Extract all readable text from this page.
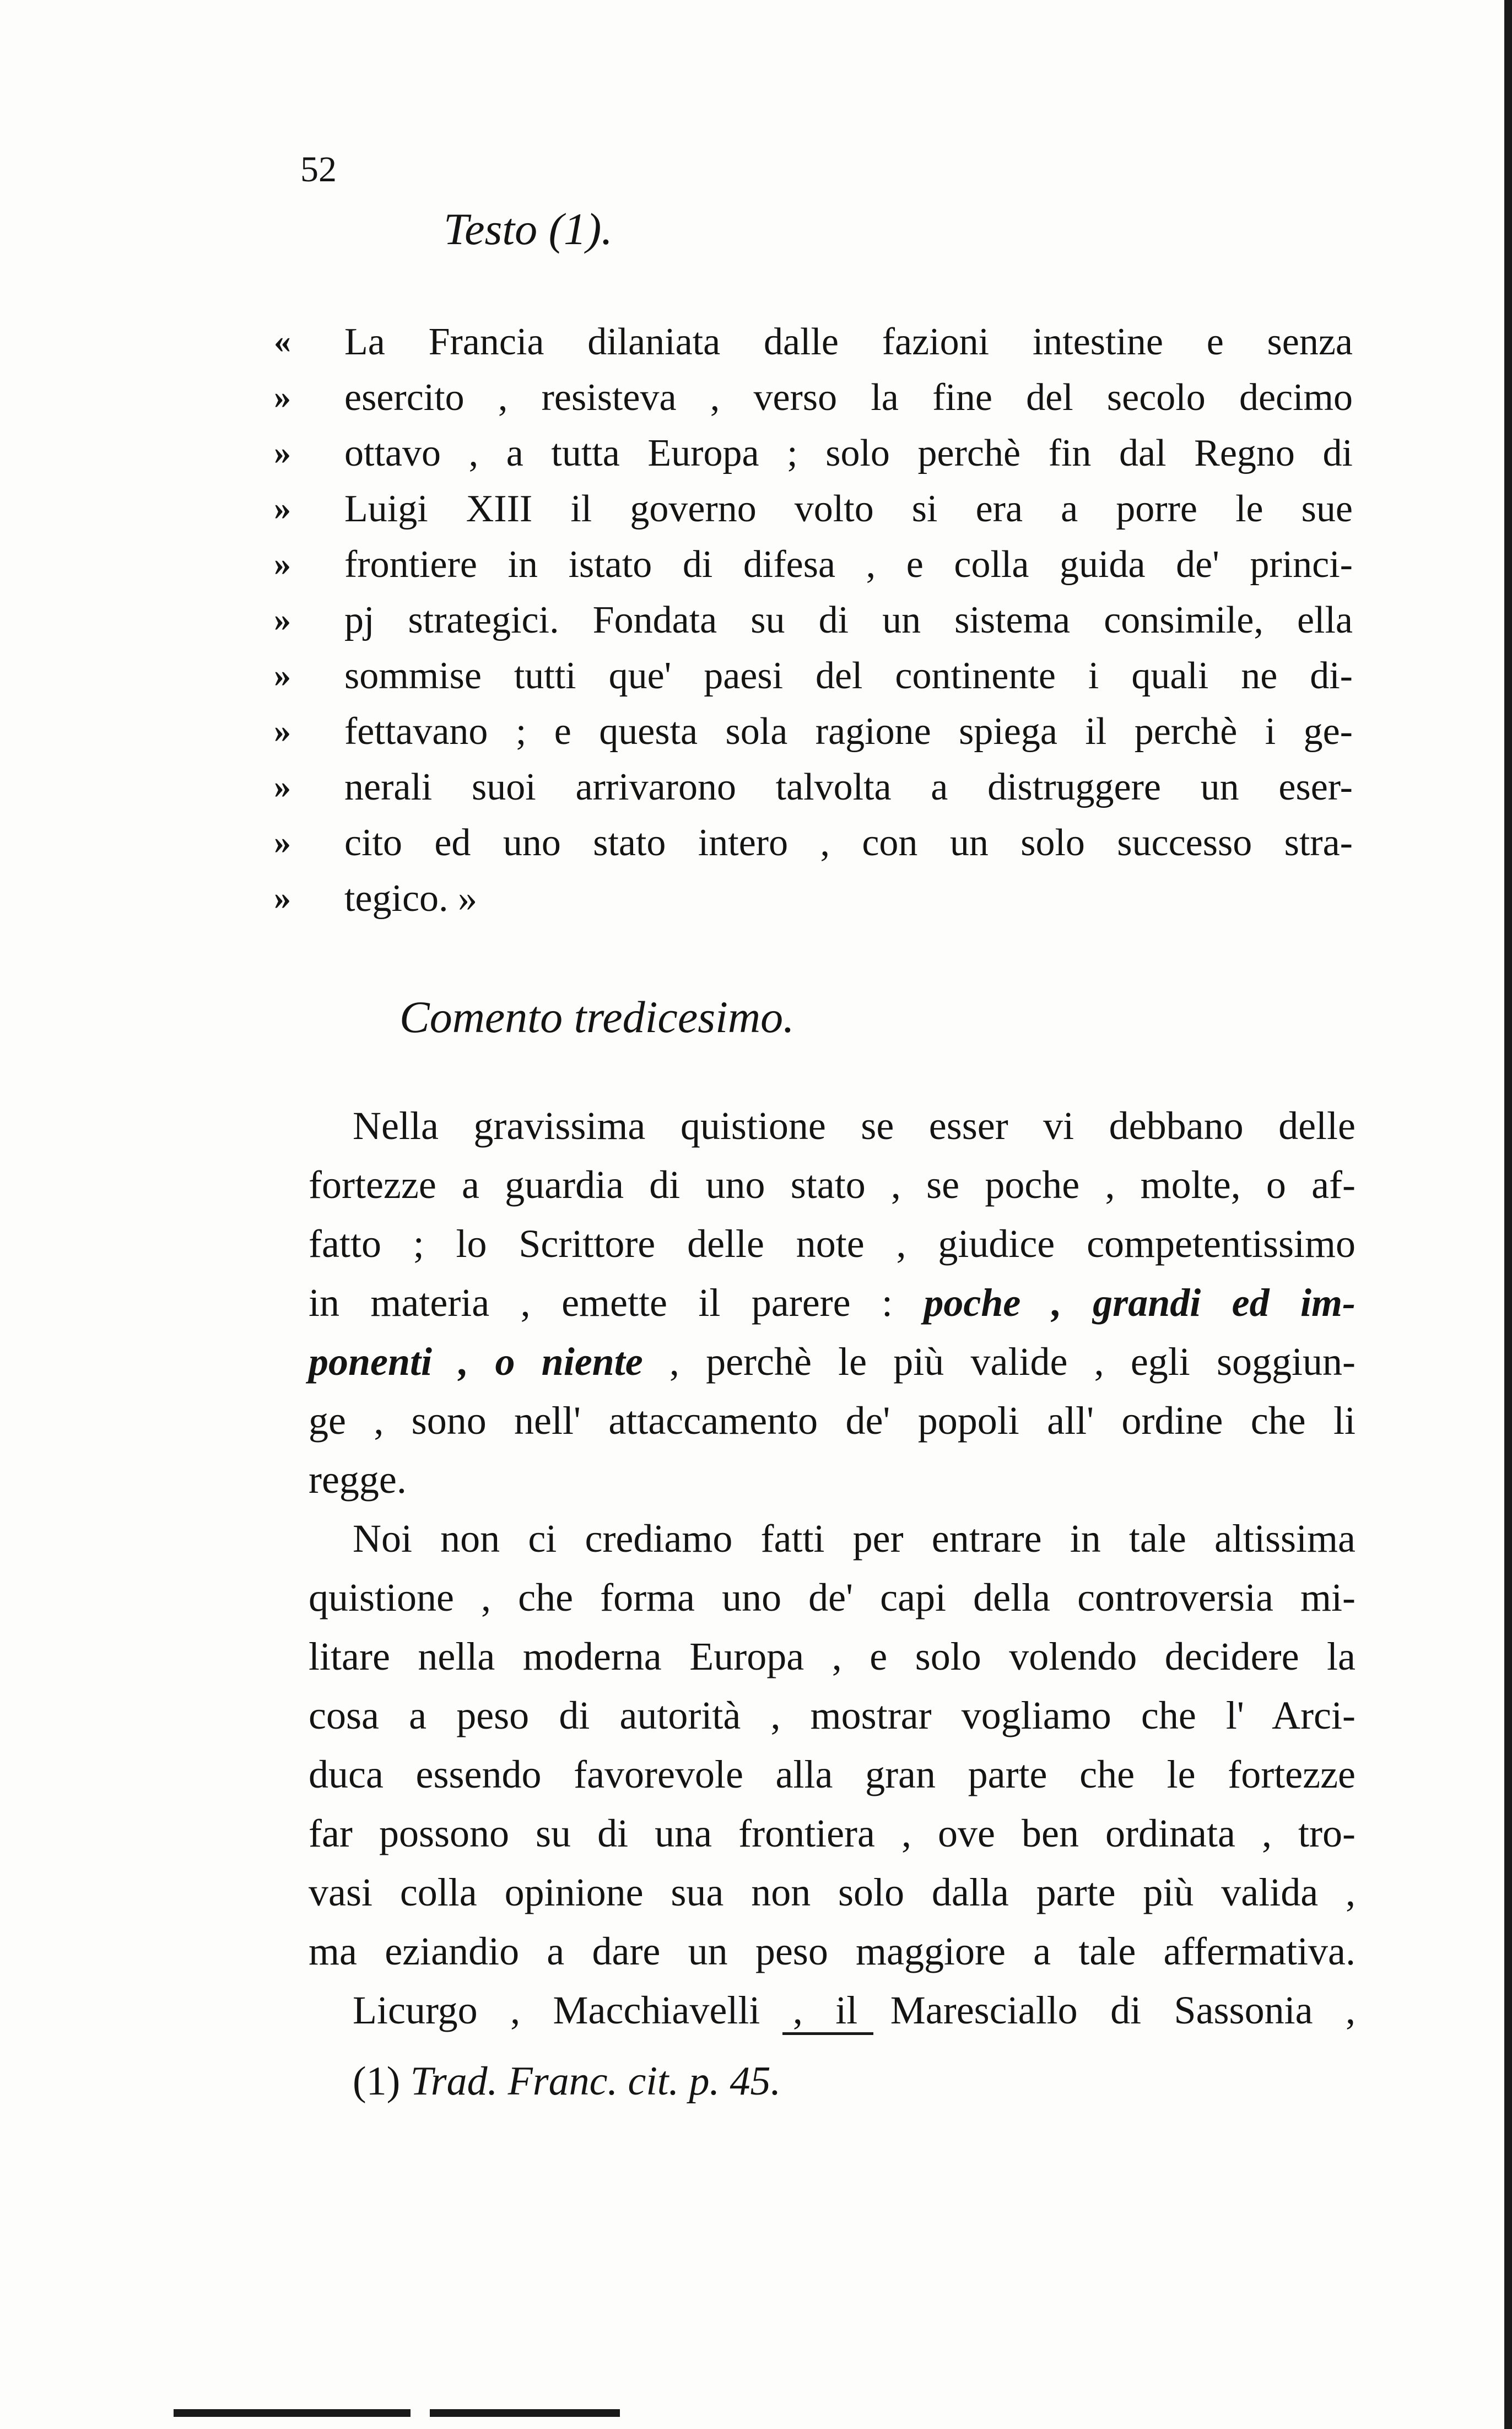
52
Testo (1).
« La Francia dilaniata dalle fazioni intestine e senza
» esercito , resisteva , verso la fine del secolo decimo
» ottavo , a tutta Europa ; solo perchè fin dal Regno di
» Luigi XIII il governo volto si era a porre le sue
» frontiere in istato di difesa , e colla guida de' princi-
» pj strategici. Fondata su di un sistema consimile, ella
» sommise tutti que' paesi del continente i quali ne di-
» fettavano ; e questa sola ragione spiega il perchè i ge-
» nerali suoi arrivarono talvolta a distruggere un eser-
» cito ed uno stato intero , con un solo successo stra-
» tegico. »
Comento tredicesimo.
Nella gravissima quistione se esser vi debbano delle
fortezze a guardia di uno stato , se poche , molte, o af-
fatto ; lo Scrittore delle note , giudice competentissimo
in materia , emette il parere : poche , grandi ed im-
ponenti , o niente , perchè le più valide , egli soggiun-
ge , sono nell' attaccamento de' popoli all' ordine che li
regge.
Noi non ci crediamo fatti per entrare in tale altissima
quistione , che forma uno de' capi della controversia mi-
litare nella moderna Europa , e solo volendo decidere la
cosa a peso di autorità , mostrar vogliamo che l' Arci-
duca essendo favorevole alla gran parte che le fortezze
far possono su di una frontiera , ove ben ordinata , tro-
vasi colla opinione sua non solo dalla parte più valida ,
ma eziandio a dare un peso maggiore a tale affermativa.
Licurgo , Macchiavelli , il Maresciallo di Sassonia ,
(1) Trad. Franc. cit. p. 45.
